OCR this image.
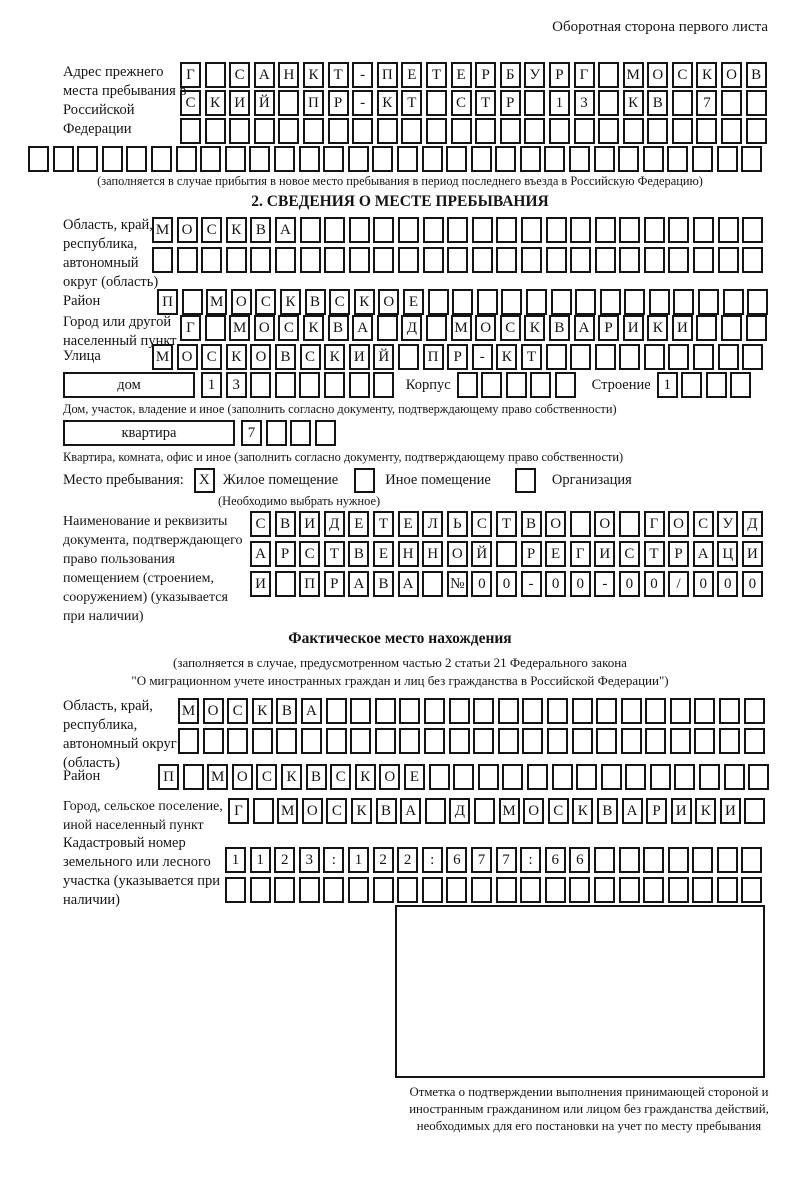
Оборотная сторона первого листа
Адрес прежнего места пребывания в Российской Федерации
Г	С А Н К	Т	-	П Е	Т	Е	Р	Б У	Р	Г	М О С К О В
С К И Й	П	Р	-	К	Т	С	Т	Р	1	3	К В	7
(заполняется в случае прибытия в новое место пребывания в период последнего въезда в Российскую Федерацию)
2. СВЕДЕНИЯ О МЕСТЕ ПРЕБЫВАНИЯ
Область, край, республика, автономный округ (область)
М О С К В А
Район	П	М О С К В С К О Е
Город или другой населенный пункт
Г	М О С К В А	Д	М О С К В А	Р	И К И
Улица	М О С К О В С К И Й	П	Р	-	К	Т
дом	1	3	Корпус	Строение 1
Дом, участок, владение и иное (заполнить согласно документу, подтверждающему право собственности)
квартира	7
Квартира, комната, офис и иное (заполнить согласно документу, подтверждающему право собственности)
Место пребывания:	X Жилое помещение	Иное помещение	Организация
(Необходимо выбрать нужное)
Наименование и реквизиты документа, подтверждающего право пользования помещением (строением, сооружением) (указывается при наличии)
С В И Д Е	Т	Е Л	Ь	С	Т	В О	О	Г О С У Д
А	Р	С	Т	В	Е Н Н О Й	Р	Е	Г И С	Т	Р	А Ц И
И	П	Р	А В А	№ 0	0	-	0	0	-	0	0	/	0	0	0
Фактическое место нахождения
(заполняется в случае, предусмотренном частью 2 статьи 21 Федерального закона
"О миграционном учете иностранных граждан и лиц без гражданства в Российской Федерации")
Область, край, республика, автономный округ (область)
М О С К В А
Район	П	М О С К В С К О Е
Город, сельское поселение, иной населенный пункт
Г	М О С К В А	Д	М О С К В А	Р	И К И
Кадастровый номер земельного или лесного участка (указывается при наличии)
1	1	2	3	:	1	2	2	:	6	7	7	:	6	6
Отметка о подтверждении выполнения принимающей стороной и иностранным гражданином или лицом без гражданства действий, необходимых для его постановки на учет по месту пребывания
